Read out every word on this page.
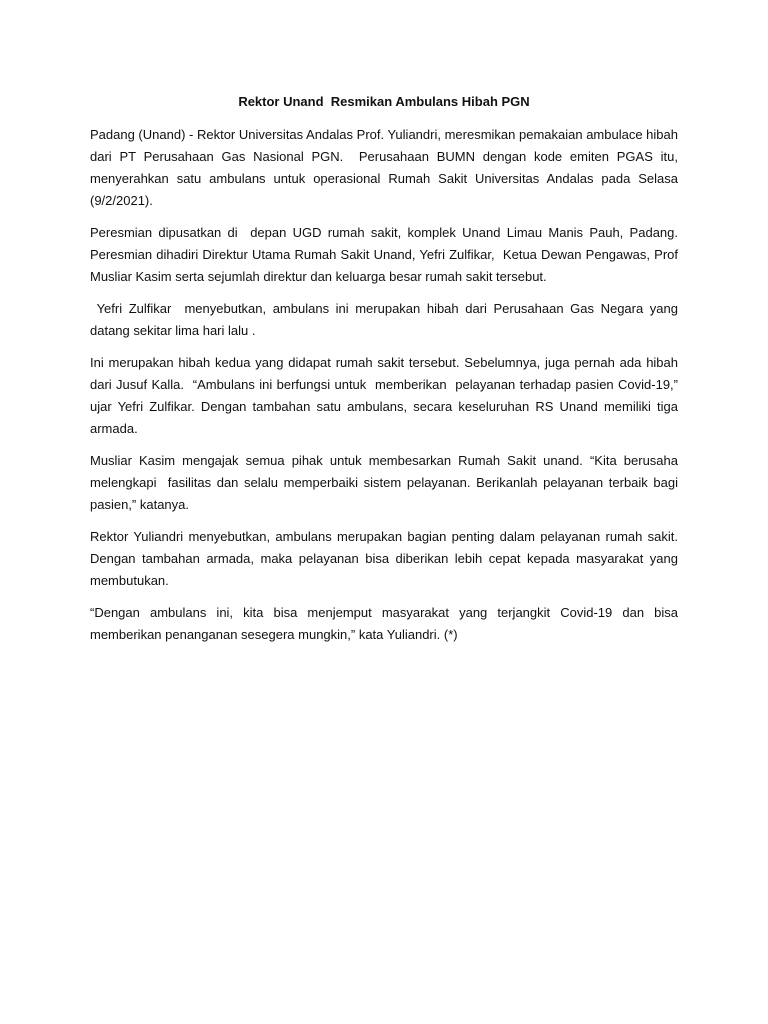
Rektor Unand  Resmikan Ambulans Hibah PGN

Padang (Unand) - Rektor Universitas Andalas Prof. Yuliandri, meresmikan pemakaian ambulace hibah dari PT Perusahaan Gas Nasional PGN.  Perusahaan BUMN dengan kode emiten PGAS itu, menyerahkan satu ambulans untuk operasional Rumah Sakit Universitas Andalas pada Selasa (9/2/2021).

Peresmian dipusatkan di  depan UGD rumah sakit, komplek Unand Limau Manis Pauh, Padang. Peresmian dihadiri Direktur Utama Rumah Sakit Unand, Yefri Zulfikar,  Ketua Dewan Pengawas, Prof Musliar Kasim serta sejumlah direktur dan keluarga besar rumah sakit tersebut.

Yefri Zulfikar  menyebutkan, ambulans ini merupakan hibah dari Perusahaan Gas Negara yang datang sekitar lima hari lalu .

Ini merupakan hibah kedua yang didapat rumah sakit tersebut. Sebelumnya, juga pernah ada hibah dari Jusuf Kalla.  “Ambulans ini berfungsi untuk  memberikan  pelayanan terhadap pasien Covid-19,” ujar Yefri Zulfikar. Dengan tambahan satu ambulans, secara keseluruhan RS Unand memiliki tiga armada.

Musliar Kasim mengajak semua pihak untuk membesarkan Rumah Sakit unand. “Kita berusaha melengkapi  fasilitas dan selalu memperbaiki sistem pelayanan. Berikanlah pelayanan terbaik bagi pasien,” katanya.

Rektor Yuliandri menyebutkan, ambulans merupakan bagian penting dalam pelayanan rumah sakit. Dengan tambahan armada, maka pelayanan bisa diberikan lebih cepat kepada masyarakat yang membutukan.

“Dengan ambulans ini, kita bisa menjemput masyarakat yang terjangkit Covid-19 dan bisa memberikan penanganan sesegera mungkin,” kata Yuliandri. (*)
